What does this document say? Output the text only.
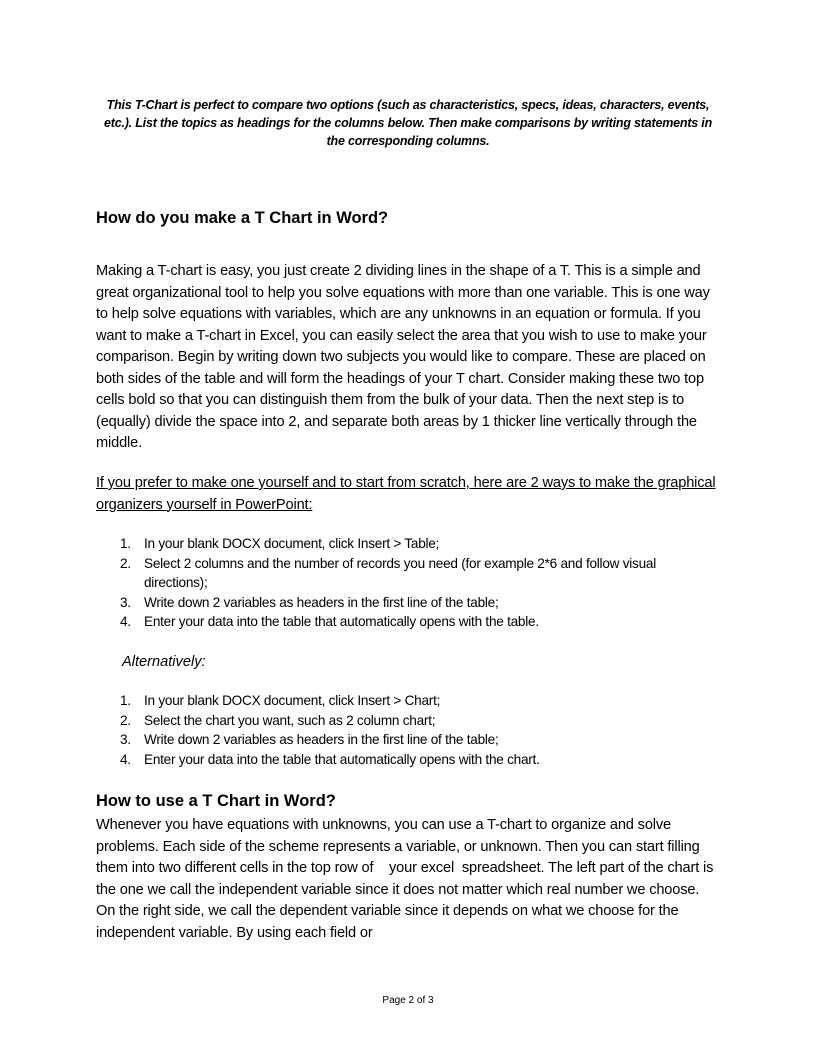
This T-Chart is perfect to compare two options (such as characteristics, specs, ideas, characters, events, etc.). List the topics as headings for the columns below. Then make comparisons by writing statements in the corresponding columns.
How do you make a T Chart in Word?
Making a T-chart is easy, you just create 2 dividing lines in the shape of a T. This is a simple and great organizational tool to help you solve equations with more than one variable. This is one way to help solve equations with variables, which are any unknowns in an equation or formula. If you want to make a T-chart in Excel, you can easily select the area that you wish to use to make your comparison. Begin by writing down two subjects you would like to compare. These are placed on both sides of the table and will form the headings of your T chart. Consider making these two top cells bold so that you can distinguish them from the bulk of your data. Then the next step is to (equally) divide the space into 2, and separate both areas by 1 thicker line vertically through the middle.
If you prefer to make one yourself and to start from scratch, here are 2 ways to make the graphical organizers yourself in PowerPoint:
1. In your blank DOCX document, click Insert > Table;
2. Select 2 columns and the number of records you need (for example 2*6 and follow visual directions);
3. Write down 2 variables as headers in the first line of the table;
4. Enter your data into the table that automatically opens with the table.
Alternatively:
1. In your blank DOCX document, click Insert > Chart;
2. Select the chart you want, such as 2 column chart;
3. Write down 2 variables as headers in the first line of the table;
4. Enter your data into the table that automatically opens with the chart.
How to use a T Chart in Word?
Whenever you have equations with unknowns, you can use a T-chart to organize and solve problems. Each side of the scheme represents a variable, or unknown. Then you can start filling them into two different cells in the top row of    your excel  spreadsheet. The left part of the chart is the one we call the independent variable since it does not matter which real number we choose. On the right side, we call the dependent variable since it depends on what we choose for the independent variable. By using each field or
Page 2 of 3
